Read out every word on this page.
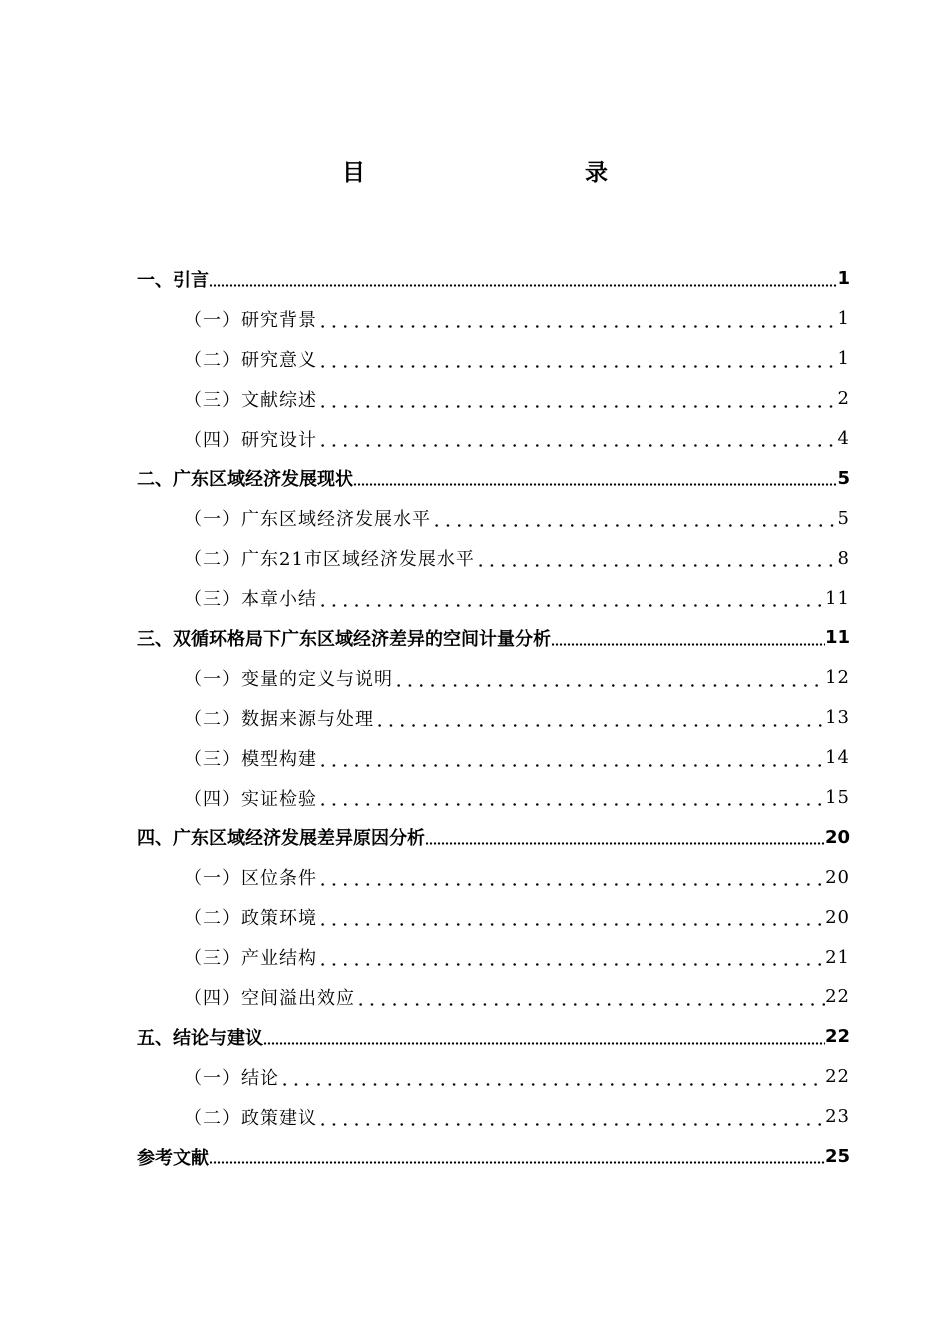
目 录
一、引言	1
（一）研究背景	1
（二）研究意义	1
（三）文献综述	2
（四）研究设计	4
二、广东区域经济发展现状	5
（一）广东区域经济发展水平	5
（二）广东21市区域经济发展水平	8
（三）本章小结	11
三、双循环格局下广东区域经济差异的空间计量分析	11
（一）变量的定义与说明	12
（二）数据来源与处理	13
（三）模型构建	14
（四）实证检验	15
四、广东区域经济发展差异原因分析	20
（一）区位条件	20
（二）政策环境	20
（三）产业结构	21
（四）空间溢出效应	22
五、结论与建议	22
（一）结论	22
（二）政策建议	23
参考文献	25
